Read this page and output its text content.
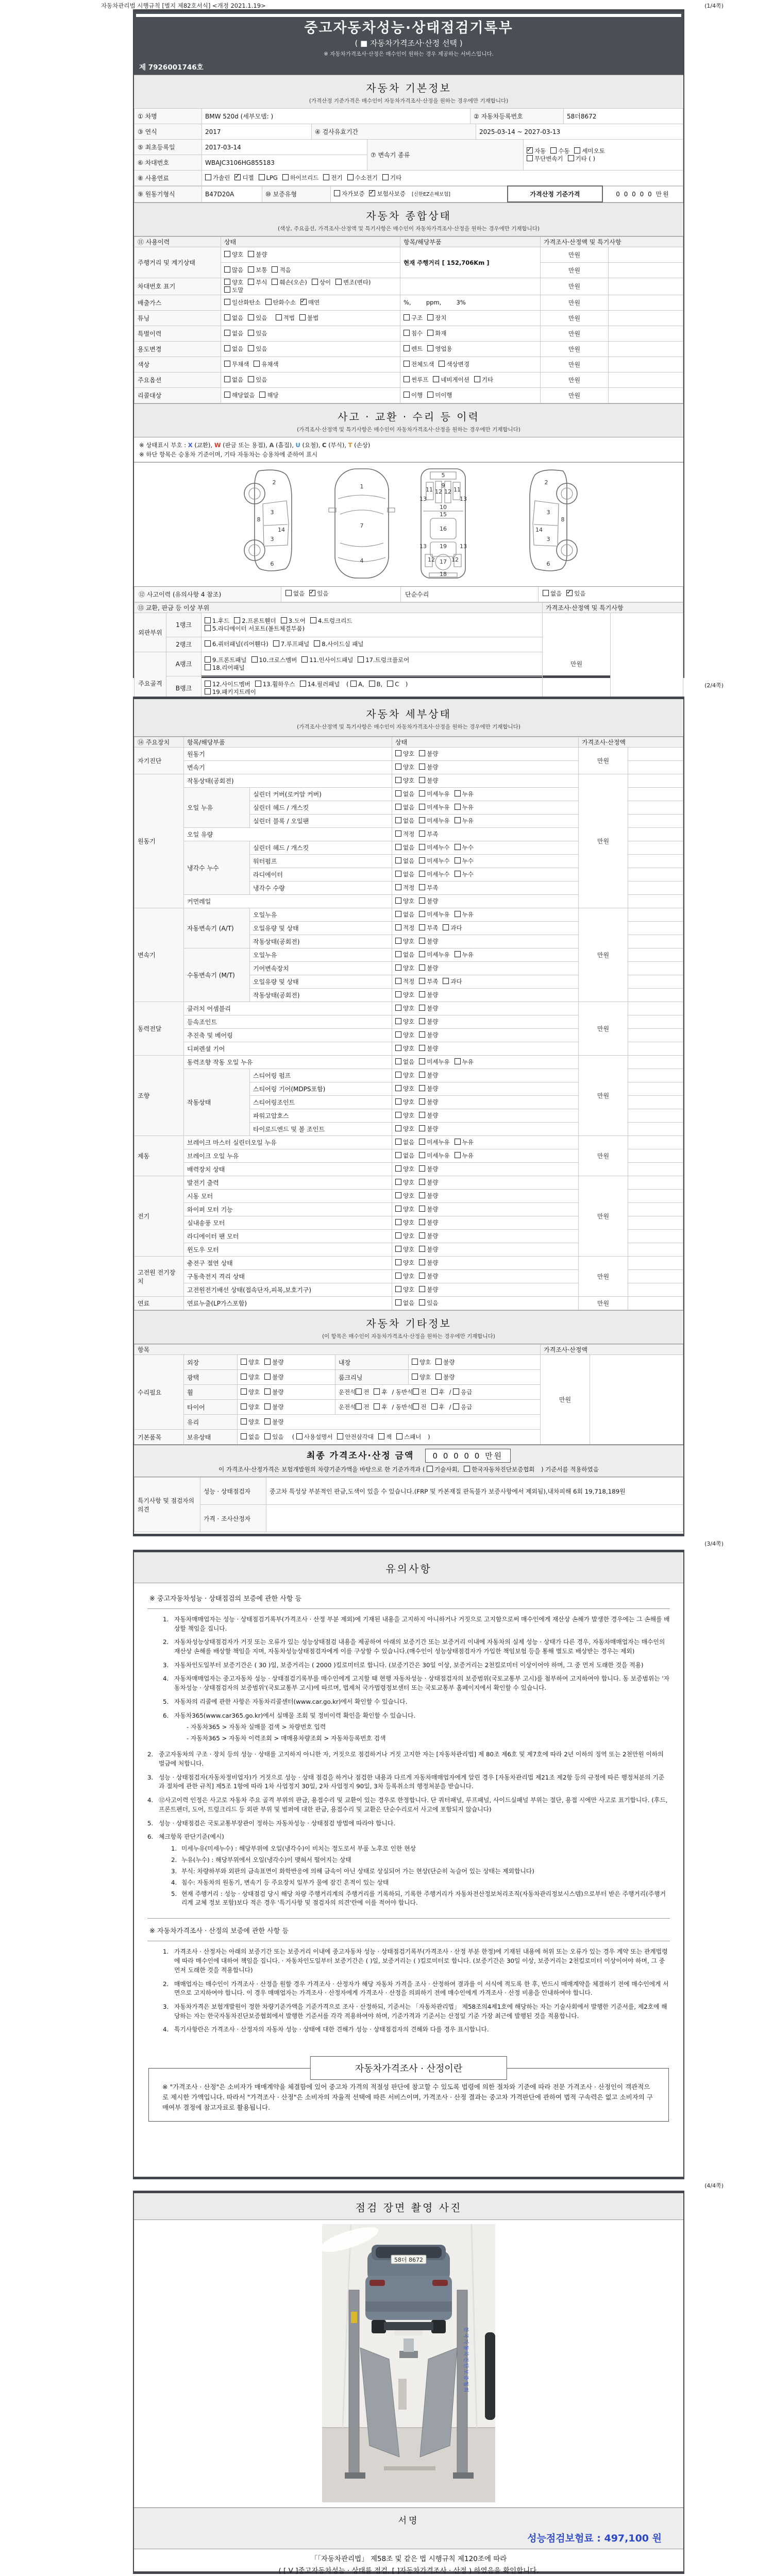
자동차관리법 시행규칙 [별지 제82호서식] <개정 2021.1.19>	(1/4쪽)
(2/4쪽)
(3/4쪽)
(4/4쪽)
중고자동차성능·상태점검기록부
( ■ 자동차가격조사·산정 선택 )
※ 자동차가격조사·산정은 매수인이 원하는 경우 제공하는 서비스입니다.
제 7926001746호
자동차 기본정보
(가격산정 기준가격은 매수인이 자동차가격조사·산정을 원하는 경우에만 기재합니다)
① 차명	BMW 520d (세부모델: )	② 자동차등록번호	58더8672
③ 연식	2017	④ 검사유효기간	2025-03-14 ~ 2027-03-13
⑤ 최초등록일	2017-03-14	⑦ 변속기 종류	✓자동 수동 세미오토
무단변속기 기타 ( )
⑥ 차대번호	WBAJC3106HG855183		
⑧ 사용연료	가솔린 ✓ 디젤 LPG 하이브리드 전기 수소전기 기타
⑨ 원동기형식	B47D20A	⑩ 보증유형	자가보증 ✓ 보험사보증 [신한EZ손해보험]	가격산정 기준가격	0 0 0 0 0 만원
자동차 종합상태
(색상, 주요옵션, 가격조사·산정액 및 특기사항은 매수인이 자동차가격조사·산정을 원하는 경우에만 기재합니다)
⑪ 사용이력	상태	항목/해당부품	가격조사·산정액 및 특기사항	
주행거리 및 계기상태	양호 불량	현재 주행거리 [ 152,706Km ]	만원	
	많음 보통 적음		만원	
차대번호 표기	양호 부식 훼손(오손) 상이 변조(변타)도말		만원	
배출가스	일산화탄소 탄화수소 ✓ 매연	%,        ppm,        3%	만원	
튜닝	없음 있음 적법 불법	구조 장치	만원	
특별이력	없음 있음	침수 화재	만원	
용도변경	없음 있음	렌트 영업용	만원	
색상	무채색 유채색	전체도색 색상변경	만원	
주요옵션	없음 있음	썬루프 네비게이션 기타	만원	
리콜대상	해당없음 해당	이행 미이행	만원	
사고 · 교환 · 수리 등 이력
(가격조사·산정액 및 특기사항은 매수인이 자동차가격조사·산정을 원하는 경우에만 기재합니다)
※ 상태표시 부호 : X (교환), W (판금 또는 용접), A (흠집), U (요철), C (부식), T (손상)
※ 하단 항목은 승용차 기준이며, 기타 자동차는 승용차에 준하여 표시
2
8
3
14
3
6
1
7
4
5
9
11	11
13
12 12
13
10
15
16
19
13	13
12 17 12
18
2
8
3
14
3
6
⑫ 사고이력 (유의사항 4 참조)	없음 ✓ 있음	단순수리	없음 ✓ 있음
⑬ 교환, 판금 등 이상 부위			가격조사·산정액 및 특기사항	
외판부위	1랭크	1.후드 2.프론트휀더 3.도어 4.트렁크리드
5.라디에이터 서포트(볼트체결부품)	만원	
	2랭크	6.쿼터패널(리어휀다) 7.루프패널 8.사이드실 패널		
주요골격	A랭크	9.프론트패널 10.크로스멤버 11.인사이드패널 17.트렁크플로어
18.리어패널		
	B랭크	12.사이드멤버 13.휠하우스 14.필러패널 ( A, B, C )
19.패키지트레이		

자동차 세부상태
(가격조사·산정액 및 특기사항은 매수인이 자동차가격조사·산정을 원하는 경우에만 기재합니다)
⑭ 주요장치	항목/해당부품		상태	가격조사·산정액	
자기진단	원동기		양호 불량	만원	
	변속기		양호 불량		
원동기	작동상태(공회전)		양호 불량	만원	
	오일 누유	실린더 커버(로커암 커버)	없음 미세누유 누유		
		실린더 헤드 / 개스킷	없음 미세누유 누유		
		실린더 블록 / 오일팬	없음 미세누유 누유		
	오일 유량		적정 부족		
	냉각수 누수	실린더 헤드 / 개스킷	없음 미세누수 누수		
		워터펌프	없음 미세누수 누수		
		라디에이터	없음 미세누수 누수		
		냉각수 수량	적정 부족		
	커먼레일		양호 불량		
변속기	자동변속기 (A/T)	오일누유	없음 미세누유 누유	만원	
		오일유량 및 상태	적정 부족 과다		
		작동상태(공회전)	양호 불량		
	수동변속기 (M/T)	오일누유	없음 미세누유 누유		
		기어변속장치	양호 불량		
		오일유량 및 상태	적정 부족 과다		
		작동상태(공회전)	양호 불량		
동력전달	클러치 어셈블리		양호 불량	만원	
	등속조인트		양호 불량		
	추진축 및 베어링		양호 불량		
	디퍼렌셜 기어		양호 불량		
조향	동력조향 작동 오일 누유		없음 미세누유 누유	만원	
	작동상태	스티어링 펌프	양호 불량		
		스티어링 기어(MDPS포함)	양호 불량		
		스티어링조인트	양호 불량		
		파워고압호스	양호 불량		
		타이로드엔드 및 볼 조인트	양호 불량		
제동	브레이크 마스터 실린더오일 누유		없음 미세누유 누유	만원	
	브레이크 오일 누유		없음 미세누유 누유		
	배력장치 상태		양호 불량		
전기	발전기 출력		양호 불량	만원	
	시동 모터		양호 불량		
	와이퍼 모터 기능		양호 불량		
	실내송풍 모터		양호 불량		
	라디에이터 팬 모터		양호 불량		
	윈도우 모터		양호 불량		
고전원 전기장치	충전구 절연 상태		양호 불량	만원	
	구동축전지 격리 상태		양호 불량		
	고전원전기배선 상태(접속단자,피복,보호기구)		양호 불량		
연료	연료누출(LP가스포함)		없음 있음	만원	
자동차 기타정보
(이 항목은 매수인이 자동차가격조사·산정을 원하는 경우에만 기재합니다)
항목					가격조사·산정액	
수리필요	외장	양호 불량	내장	양호 불량	만원	
	광택	양호 불량	룸크리닝	양호 불량		
	휠	양호 불량	운전석 전 후 / 동반석 전 후 / 응급			
	타이어	양호 불량	운전석 전 후 / 동반석 전 후 / 응급			
	유리	양호 불량				
기본품목	보유상태	없음 있음  ( 사용설명서 안전삼각대 잭 스패너 )				
최종 가격조사·산정 금액 0 0 0 0 0 만원
이 가격조사·산정가격은 보험개발원의 차량기준가액을 바탕으로 한 기준가격과 ( 기술사회, 한국자동차진단보증협회 ) 기준서를 적용하였음
특기사항 및 점검자의 의견	성능 · 상태점검자	중고차 특성상 부분적인 판금,도색이 있을 수 있습니다.(FRP 및 카본재질 판독불가 보증사항에서 제외됨),내차피해 6회 19,718,189원
	가격 · 조사산정자	
유의사항
※ 중고자동차성능 · 상태점검의 보증에 관한 사항 등
1. 자동차매매업자는 성능 · 상태점검기록부(가격조사 · 산정 부분 제외)에 기재된 내용을 고지하지 아니하거나 거짓으로 고지함으로써 매수인에게 재산상 손해가 발생한 경우에는 그 손해를 배상할 책임을 집니다.
2. 자동차성능상태점검자가 거짓 또는 오류가 있는 성능상태점검 내용을 제공하여 아래의 보증기간 또는 보증거리 이내에 자동차의 실제 성능 · 상태가 다른 경우, 자동차매매업자는 매수인의 재산상 손해를 배상할 책임을 지며, 자동차성능상태점검자에게 이를 구상할 수 있습니다.(매수인이 성능상태점검자가 가입한 책임보험 등을 통해 별도로 배상받는 경우는 제외)
3. 자동차인도일부터 보증기간은 ( 30 )일, 보증거리는 ( 2000 )킬로미터로 합니다. (보증기간은 30일 이상, 보증거리는 2천킬로미터 이상이어야 하며, 그 중 먼저 도래한 것을 적용)
4. 자동차매매업자는 중고자동차 성능 · 상태점검기록부를 매수인에게 고지할 때 현행 자동차성능 · 상태점검자의 보증범위(국토교통부 고시)를 첨부하여 고지하여야 합니다. 동 보증범위는 '자동차성능 · 상태점검자의 보증범위'(국토교통부 고시)에 따르며, 법제처 국가법령정보센터 또는 국토교통부 홈페이지에서 확인할 수 있습니다.
5. 자동차의 리콜에 관한 사항은 자동차리콜센터(www.car.go.kr)에서 확인할 수 있습니다.
6. 자동차365(www.car365.go.kr)에서 실매물 조회 및 정비이력 확인을 확인할 수 있습니다.
- 자동차365 > 자동차 실매물 검색 > 차량번호 입력
- 자동차365 > 자동차 이력조회 > 매매용차량조회 > 자동차등록번호 검색
2. 중고자동차의 구조 · 장치 등의 성능 · 상태를 고지하지 아니한 자, 거짓으로 점검하거나 거짓 고지한 자는 [자동차관리법] 제 80조 제6호 및 제7호에 따라 2년 이하의 징역 또는 2천만원 이하의 벌금에 처합니다.
3. 성능 · 상태점검자(자동차정비업자)가 거짓으로 성능 · 상태 점검을 하거나 점검한 내용과 다르게 자동차매매업자에게 알린 경우 [자동차관리법 제21조 제2항 등의 규정에 따른 행정처분의 기준과 절차에 관한 규칙] 제5조 1항에 따라 1차 사업정지 30일, 2차 사업정지 90일, 3차 등록취소의 행정처분을 받습니다.
4. ⑫사고이력 인정은 사고로 자동차 주요 골격 부위의 판금, 용접수리 및 교환이 있는 경우로 한정합니다. 단 쿼터패널, 루프패널, 사이드실패널 부위는 절단, 용접 시에만 사고로 표기합니다. (후드, 프론트펜더, 도어, 트렁크리드 등 외판 부위 및 범퍼에 대한 판금, 용접수리 및 교환은 단순수리로서 사고에 포함되지 않습니다)
5. 성능 · 상태점검은 국토교통부장관이 정하는 자동차성능 · 상태점검 방법에 따라야 합니다.
6. 체크항목 판단기준(예시)
1. 미세누유(미세누수) : 해당부위에 오일(냉각수)이 비치는 정도로서 부품 노후로 인한 현상
2. 누유(누수) : 해당부위에서 오일(냉각수)이 맺혀서 떨어지는 상태
3. 부식: 차량하부와 외판의 금속표면이 화학반응에 의해 금속이 아닌 상태로 상실되어 가는 현상(단순히 녹슬어 있는 상태는 제외합니다)
4. 침수: 자동차의 원동기, 변속기 등 주요장치 일부가 물에 잠긴 흔적이 있는 상태
5. 현재 주행거리 : 성능 · 상태점검 당시 해당 차량 주행거리계의 주행거리를 기록하되, 기록한 주행거리가 자동차전산정보처리조직(자동차관리정보시스템)으로부터 받은 주행거리(주행거리계 교체 정보 포함)보다 적은 경우 '특기사항 및 점검자의 의견'란에 이를 적어야 합니다.
※ 자동차가격조사 · 산정의 보증에 관한 사항 등
1. 가격조사 · 산정자는 아래의 보증기간 또는 보증거리 이내에 중고자동차 성능 · 상태점검기록부(가격조사 · 산정 부분 한정)에 기재된 내용에 허위 또는 오류가 있는 경우 계약 또는 관계법령에 따라 매수인에 대하여 책임을 집니다. · 자동차인도일부터 보증기간은 ( )일, 보증거리는 ( )킬로미터로 합니다. (보증기간은 30일 이상, 보증거리는 2천킬로미터 이상이어야 하며, 그 중 먼저 도래한 것을 적용합니다)
2. 매매업자는 매수인이 가격조사 · 산정을 원할 경우 가격조사 · 산정자가 해당 자동차 가격을 조사 · 산정하여 결과를 이 서식에 적도록 한 후, 반드시 매매계약을 체결하기 전에 매수인에게 서면으로 고지하여야 합니다. 이 경우 매매업자는 가격조사 · 산정자에게 가격조사 · 산정을 의뢰하기 전에 매수인에게 가격조사 · 산정 비용을 안내하여야 합니다.
3. 자동차가격은 보험개발원이 정한 차량기준가액을 기준가격으로 조사 · 산정하되, 기준서는 「자동차관리법」 제58조의4제1호에 해당하는 자는 기술사회에서 발행한 기준서를, 제2호에 해당하는 자는 한국자동차진단보증협회에서 발행한 기준서를 각각 적용하여야 하며, 기준가격과 기준서는 산정일 기준 가장 최근에 발행된 것을 적용합니다.
4. 특기사항란은 가격조사 · 산정자의 자동차 성능 · 상태에 대한 견해가 성능 · 상태점검자의 견해와 다를 경우 표시합니다.
자동차가격조사 · 산정이란
※ "가격조사 · 산정"은 소비자가 매매계약을 체결함에 있어 중고차 가격의 적절성 판단에 참고할 수 있도록 법령에 의한 절차와 기준에 따라 전문 가격조사 · 산정인이 객관적으로 제시한 가액입니다. 따라서 "가격조사 · 산정"은 소비자의 자율적 선택에 따른 서비스이며, 가격조사 · 산정 결과는 중고차 가격판단에 관하여 법적 구속력은 없고 소비자의 구매여부 결정에 참고자료로 활용됩니다.
점검 장면 촬영 사진
58더 8672
한국자동차진단보증협회
서명
성능점검보험료 : 497,100 원
「「자동차관리법」 제58조 및 같은 법 시행규칙 제120조에 따라
( [ V ]중고자동차성능 · 상태를 점검, [ ]자동차가격조사 · 산정 ) 하였음을 확인합니다.
